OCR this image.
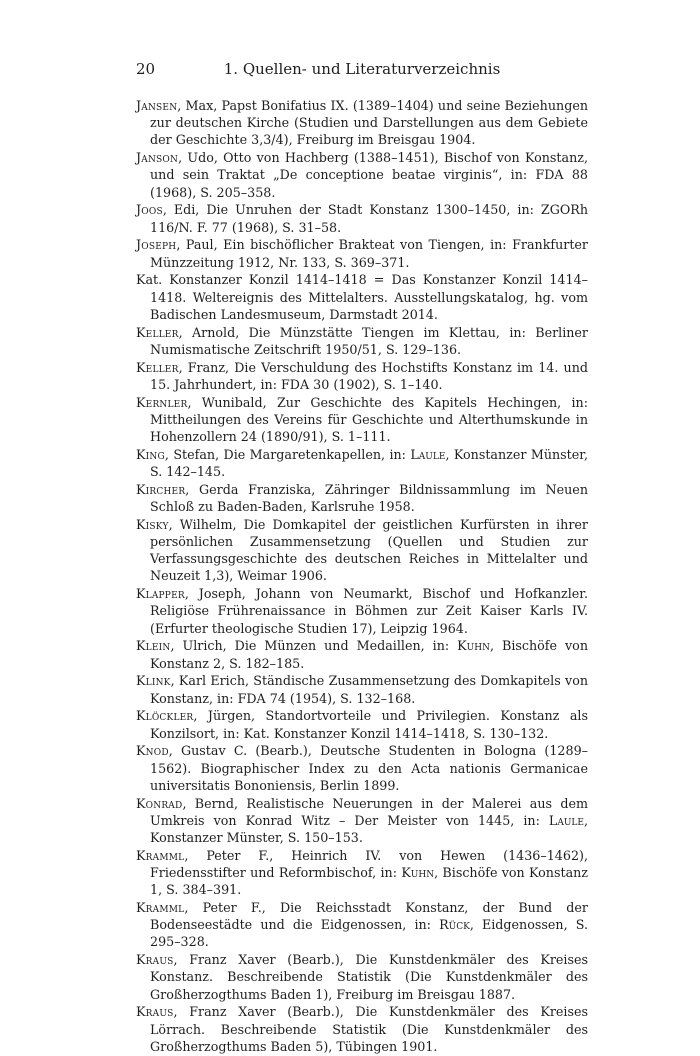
20	1. Quellen- und Literaturverzeichnis

Jansen, Max, Papst Bonifatius IX. (1389–1404) und seine Beziehungen zur deutschen Kirche (Studien und Darstellungen aus dem Gebiete der Geschichte 3,3/4), Freiburg im Breisgau 1904.

Janson, Udo, Otto von Hachberg (1388–1451), Bischof von Konstanz, und sein Traktat „De conceptione beatae virginis“, in: FDA 88 (1968), S. 205–358.

Joos, Edi, Die Unruhen der Stadt Konstanz 1300–1450, in: ZGORh 116/N. F. 77 (1968), S. 31–58.

Joseph, Paul, Ein bischöflicher Brakteat von Tiengen, in: Frankfurter Münzzeitung 1912, Nr. 133, S. 369–371.

Kat. Konstanzer Konzil 1414–1418 = Das Konstanzer Konzil 1414–1418. Weltereignis des Mittelalters. Ausstellungskatalog, hg. vom Badischen Landesmuseum, Darmstadt 2014.

Keller, Arnold, Die Münzstätte Tiengen im Klettau, in: Berliner Numismatische Zeitschrift 1950/51, S. 129–136.

Keller, Franz, Die Verschuldung des Hochstifts Konstanz im 14. und 15. Jahrhundert, in: FDA 30 (1902), S. 1–140.

Kernler, Wunibald, Zur Geschichte des Kapitels Hechingen, in: Mittheilungen des Vereins für Geschichte und Alterthumskunde in Hohenzollern 24 (1890/91), S. 1–111.

King, Stefan, Die Margaretenkapellen, in: Laule, Konstanzer Münster, S. 142–145.

Kircher, Gerda Franziska, Zähringer Bildnissammlung im Neuen Schloß zu Baden-Baden, Karlsruhe 1958.

Kisky, Wilhelm, Die Domkapitel der geistlichen Kurfürsten in ihrer persönlichen Zusammensetzung (Quellen und Studien zur Verfassungsgeschichte des deutschen Reiches in Mittelalter und Neuzeit 1,3), Weimar 1906.

Klapper, Joseph, Johann von Neumarkt, Bischof und Hofkanzler. Religiöse Frührenaissance in Böhmen zur Zeit Kaiser Karls IV. (Erfurter theologische Studien 17), Leipzig 1964.

Klein, Ulrich, Die Münzen und Medaillen, in: Kuhn, Bischöfe von Konstanz 2, S. 182–185.

Klink, Karl Erich, Ständische Zusammensetzung des Domkapitels von Konstanz, in: FDA 74 (1954), S. 132–168.

Klöckler, Jürgen, Standortvorteile und Privilegien. Konstanz als Konzilsort, in: Kat. Konstanzer Konzil 1414–1418, S. 130–132.

Knod, Gustav C. (Bearb.), Deutsche Studenten in Bologna (1289–1562). Biographischer Index zu den Acta nationis Germanicae universitatis Bononiensis, Berlin 1899.

Konrad, Bernd, Realistische Neuerungen in der Malerei aus dem Umkreis von Konrad Witz – Der Meister von 1445, in: Laule, Konstanzer Münster, S. 150–153.

Kramml, Peter F., Heinrich IV. von Hewen (1436–1462), Friedensstifter und Reformbischof, in: Kuhn, Bischöfe von Konstanz 1, S. 384–391.

Kramml, Peter F., Die Reichsstadt Konstanz, der Bund der Bodenseestädte und die Eidgenossen, in: Rück, Eidgenossen, S. 295–328.

Kraus, Franz Xaver (Bearb.), Die Kunstdenkmäler des Kreises Konstanz. Beschreibende Statistik (Die Kunstdenkmäler des Großherzogthums Baden 1), Freiburg im Breisgau 1887.

Kraus, Franz Xaver (Bearb.), Die Kunstdenkmäler des Kreises Lörrach. Beschreibende Statistik (Die Kunstdenkmäler des Großherzogthums Baden 5), Tübingen 1901.
